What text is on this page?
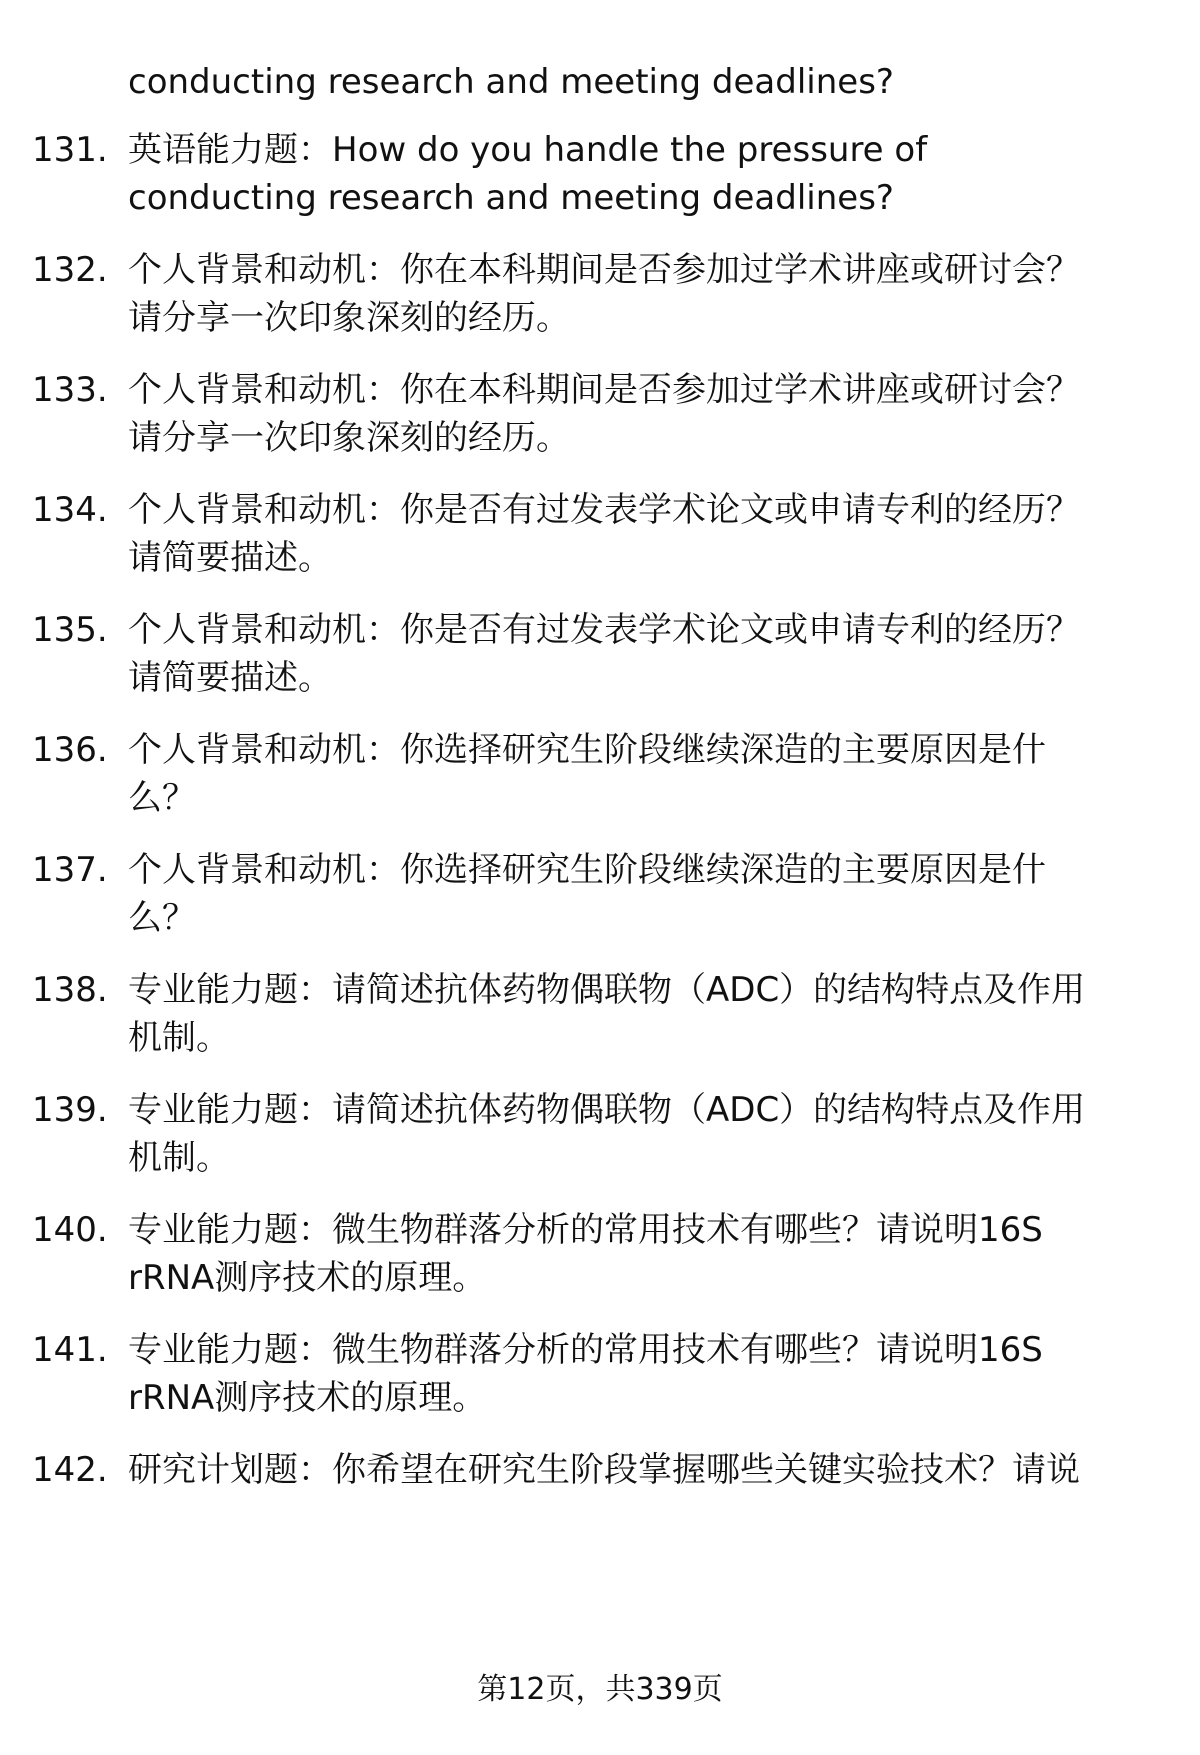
conducting research and meeting deadlines?
131. 英语能力题：How do you handle the pressure of
conducting research and meeting deadlines?
132. 个人背景和动机：你在本科期间是否参加过学术讲座或研讨会？
请分享一次印象深刻的经历。
133. 个人背景和动机：你在本科期间是否参加过学术讲座或研讨会？
请分享一次印象深刻的经历。
134. 个人背景和动机：你是否有过发表学术论文或申请专利的经历？
请简要描述。
135. 个人背景和动机：你是否有过发表学术论文或申请专利的经历？
请简要描述。
136. 个人背景和动机：你选择研究生阶段继续深造的主要原因是什
么？
137. 个人背景和动机：你选择研究生阶段继续深造的主要原因是什
么？
138. 专业能力题：请简述抗体药物偶联物（ADC）的结构特点及作用
机制。
139. 专业能力题：请简述抗体药物偶联物（ADC）的结构特点及作用
机制。
140. 专业能力题：微生物群落分析的常用技术有哪些？请说明16S
rRNA测序技术的原理。
141. 专业能力题：微生物群落分析的常用技术有哪些？请说明16S
rRNA测序技术的原理。
142. 研究计划题：你希望在研究生阶段掌握哪些关键实验技术？请说
第12页，共339页
